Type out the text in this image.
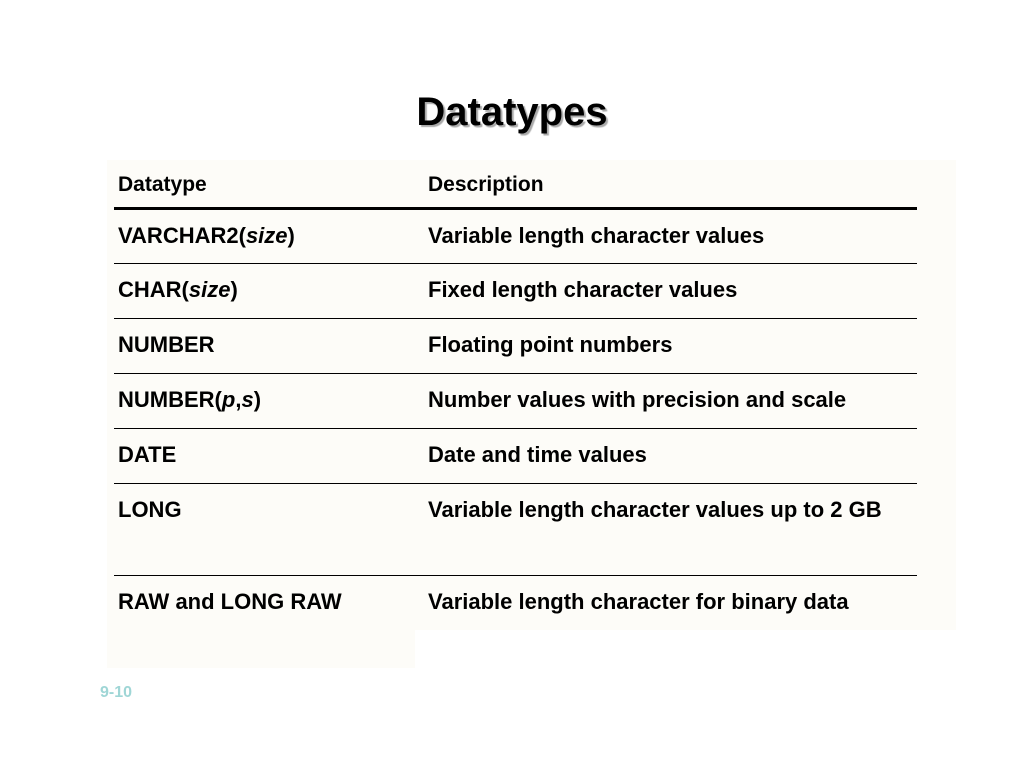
Datatypes
Datatype	Description
VARCHAR2(size)	Variable length character values
CHAR(size)	Fixed length character values
NUMBER	Floating point numbers
NUMBER(p,s)	Number values with precision and scale
DATE	Date and time values
LONG	Variable length character values up to 2 GB
RAW and LONG RAW	Variable length character for binary data
9-10
